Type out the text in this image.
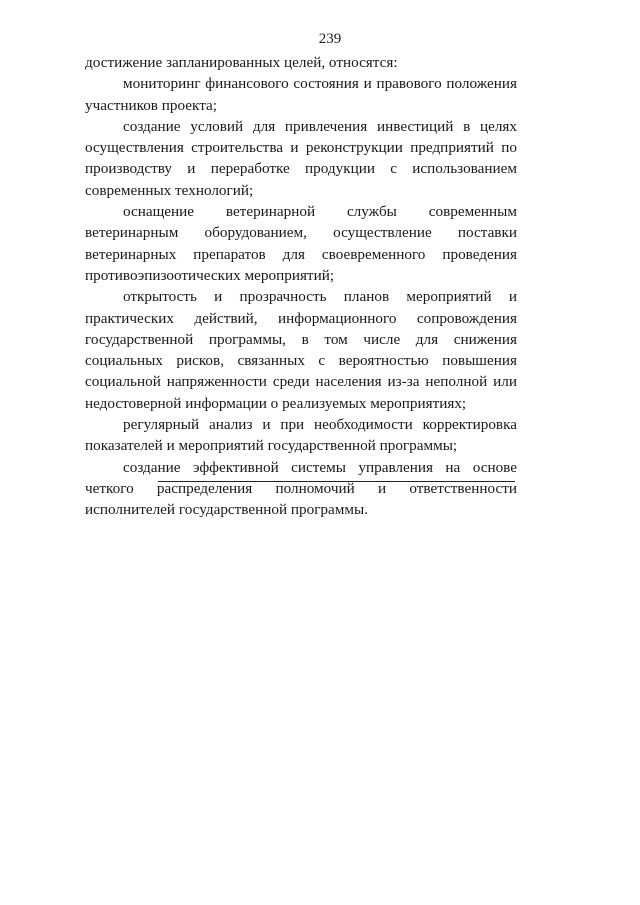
239

достижение запланированных целей, относятся:

мониторинг финансового состояния и правового положения участников проекта;

создание условий для привлечения инвестиций в целях осуществления строительства и реконструкции предприятий по производству и переработке продукции с использованием современных технологий;

оснащение ветеринарной службы современным ветеринарным оборудованием, осуществление поставки ветеринарных препаратов для своевременного проведения противоэпизоотических мероприятий;

открытость и прозрачность планов мероприятий и практических действий, информационного сопровождения государственной программы, в том числе для снижения социальных рисков, связанных с вероятностью повышения социальной напряженности среди населения из-за неполной или недостоверной информации о реализуемых мероприятиях;

регулярный анализ и при необходимости корректировка показателей и мероприятий государственной программы;

создание эффективной системы управления на основе четкого распределения полномочий и ответственности исполнителей государственной программы.
